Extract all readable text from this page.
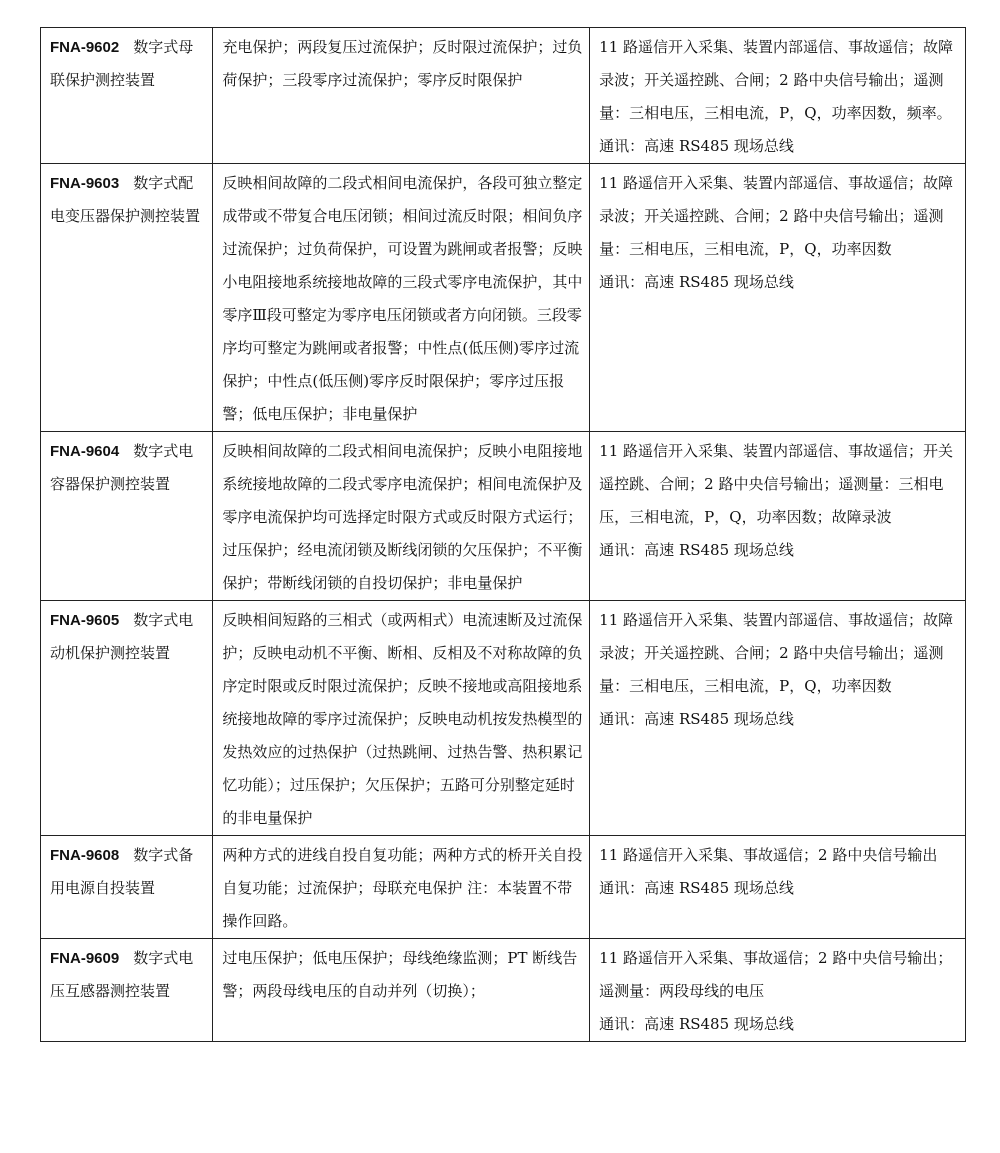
FNA-9602 数字式母联保护测控装置	充电保护；两段复压过流保护；反时限过流保护；过负荷保护；三段零序过流保护；零序反时限保护	11 路遥信开入采集、装置内部遥信、事故遥信；故障录波；开关遥控跳、合闸；2 路中央信号输出；遥测量：三相电压，三相电流，P，Q，功率因数，频率。
通讯：高速 RS485 现场总线

FNA-9603 数字式配电变压器保护测控装置	反映相间故障的二段式相间电流保护，各段可独立整定成带或不带复合电压闭锁；相间过流反时限；相间负序过流保护；过负荷保护，可设置为跳闸或者报警；反映小电阻接地系统接地故障的三段式零序电流保护，其中零序Ⅲ段可整定为零序电压闭锁或者方向闭锁。三段零序均可整定为跳闸或者报警；中性点(低压侧)零序过流保护；中性点(低压侧)零序反时限保护；零序过压报警；低电压保护；非电量保护	11 路遥信开入采集、装置内部遥信、事故遥信；故障录波；开关遥控跳、合闸；2 路中央信号输出；遥测量：三相电压，三相电流，P，Q，功率因数
通讯：高速 RS485 现场总线

FNA-9604 数字式电容器保护测控装置	反映相间故障的二段式相间电流保护；反映小电阻接地系统接地故障的二段式零序电流保护；相间电流保护及零序电流保护均可选择定时限方式或反时限方式运行；过压保护；经电流闭锁及断线闭锁的欠压保护；不平衡保护；带断线闭锁的自投切保护；非电量保护	11 路遥信开入采集、装置内部遥信、事故遥信；开关遥控跳、合闸；2 路中央信号输出；遥测量：三相电压，三相电流，P，Q，功率因数；故障录波
通讯：高速 RS485 现场总线

FNA-9605 数字式电动机保护测控装置	反映相间短路的三相式（或两相式）电流速断及过流保护；反映电动机不平衡、断相、反相及不对称故障的负序定时限或反时限过流保护；反映不接地或高阻接地系统接地故障的零序过流保护；反映电动机按发热模型的发热效应的过热保护（过热跳闸、过热告警、热积累记忆功能）；过压保护；欠压保护；五路可分别整定延时的非电量保护	11 路遥信开入采集、装置内部遥信、事故遥信；故障录波；开关遥控跳、合闸；2 路中央信号输出；遥测量：三相电压，三相电流，P，Q，功率因数
通讯：高速 RS485 现场总线

FNA-9608 数字式备用电源自投装置	两种方式的进线自投自复功能；两种方式的桥开关自投自复功能；过流保护；母联充电保护 注：本装置不带操作回路。	11 路遥信开入采集、事故遥信；2 路中央信号输出
通讯：高速 RS485 现场总线

FNA-9609 数字式电压互感器测控装置	过电压保护；低电压保护；母线绝缘监测；PT 断线告警；两段母线电压的自动并列（切换）；	11 路遥信开入采集、事故遥信；2 路中央信号输出；遥测量：两段母线的电压
通讯：高速 RS485 现场总线
